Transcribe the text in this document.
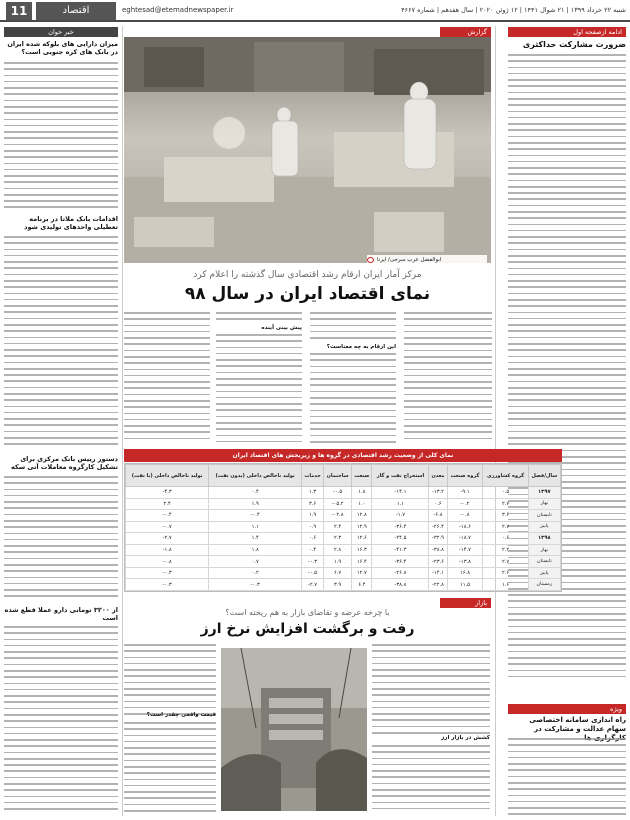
11	اقتصاد	eghtesad@etemadnewspaper.ir	شنبه ۲۲ خرداد ۱۳۹۹ | ۲۱ شوال ۱۴۴۱ | ۱۲ ژوئن ۲۰۲۰ | سال هفدهم | شماره ۴۶۶۷
ادامه ازصفحه اول
ضرورت مشارکت حداکثری
ویژه
راه اندازی سامانه اختصاصی سهام عدالت و مشارکت در
گزارش
ابوالفضل عرب سرخی/ ایرنا
مرکز آمار ایران ارقام رشد اقتصادی سال گذشته را اعلام کرد
نمای اقتصاد ایران در سال ۹۸
پیش بینی آینده
این ارقام به چه معناست؟
نمای کلی از وضعیت رشد اقتصادی در گروه ها و زیربخش های اقتصاد ایران
سال/فصل	گروه کشاورزی	گروه صنعت	معدن	استخراج نفت و گاز	صنعت	ساختمان	خدمات	تولید ناخالص داخلی (بدون نفت)	تولید ناخالص داخلی (با نفت)
۱۳۹۷	۰.۵	۹.۱-	۱۳.۲-	۱۴.۱-	۱.۸	۰.۵-	۱.۳	۰.۴	۴.۳-
بهار	۲.۷	۰.۲-	۰.۶	۱.۱	۱.۰	۰۵.۲-	۳.۶	۱.۹	۲.۴
تابستان	۳.۶	۰.۸-	۶.۸-	۱.۷-	۱۲.۸	۰۲.۸-	۱.۹	۰.۴-	۰.۴-
پاییز	۲.۷	۱۸.۶-	۲۶.۴-	۳۶.۴-	۱۲.۹	۲.۴	۰.۹	۱.۱	۰.۷-
۱۳۹۸	۰.۶	۱۸.۷-	۳۲.۹-	۲۴.۵-	۱۲.۶	۲.۳	۰.۶	۱.۴	۲.۷-
بهار	۲.۲	۱۴.۷-	۳۸.۸-	۴۱.۳-	۱۶.۳	۲.۸	۰.۴	۱.۸	۱.۸-
تابستان	۲.۷	۱۳.۸-	۲۳.۶-	۳۶.۴-	۱۶.۴	۱.۹	۰.۳-	۰.۷	۰.۸-
پاییز	۲.۶	۱۶.۸	۱۴.۱-	۲۶.۸-	۱۲.۷	۶.۷	۰.۵-	۰.۲	۰.۳-
زمستان	۱.۶	۱۱.۵	۲۲.۸-	۳۸.۸-	۶.۴	۳.۹	۲.۷-	۰.۳-	۰.۳-
بازار
با چرخه عرضه و تقاضای بازار به هم ریخته است؟
رفت و برگشت افزایش نرخ ارز
قیمت واقعی چقدر است؟
کشش در بازار ارز
خبر خوان
میزان دارایی های بلوکه شده ایران در بانک های کره جنوبی است؟
اقدامات بانک ملاتا در برنامه تعطیلی واحدهای تولیدی شود
دستور رییس بانک مرکزی برای تشکیل کارگروه معاملات آتی سکه
از ۳۲۰۰ تومانی دارو عملا قطع شده است
